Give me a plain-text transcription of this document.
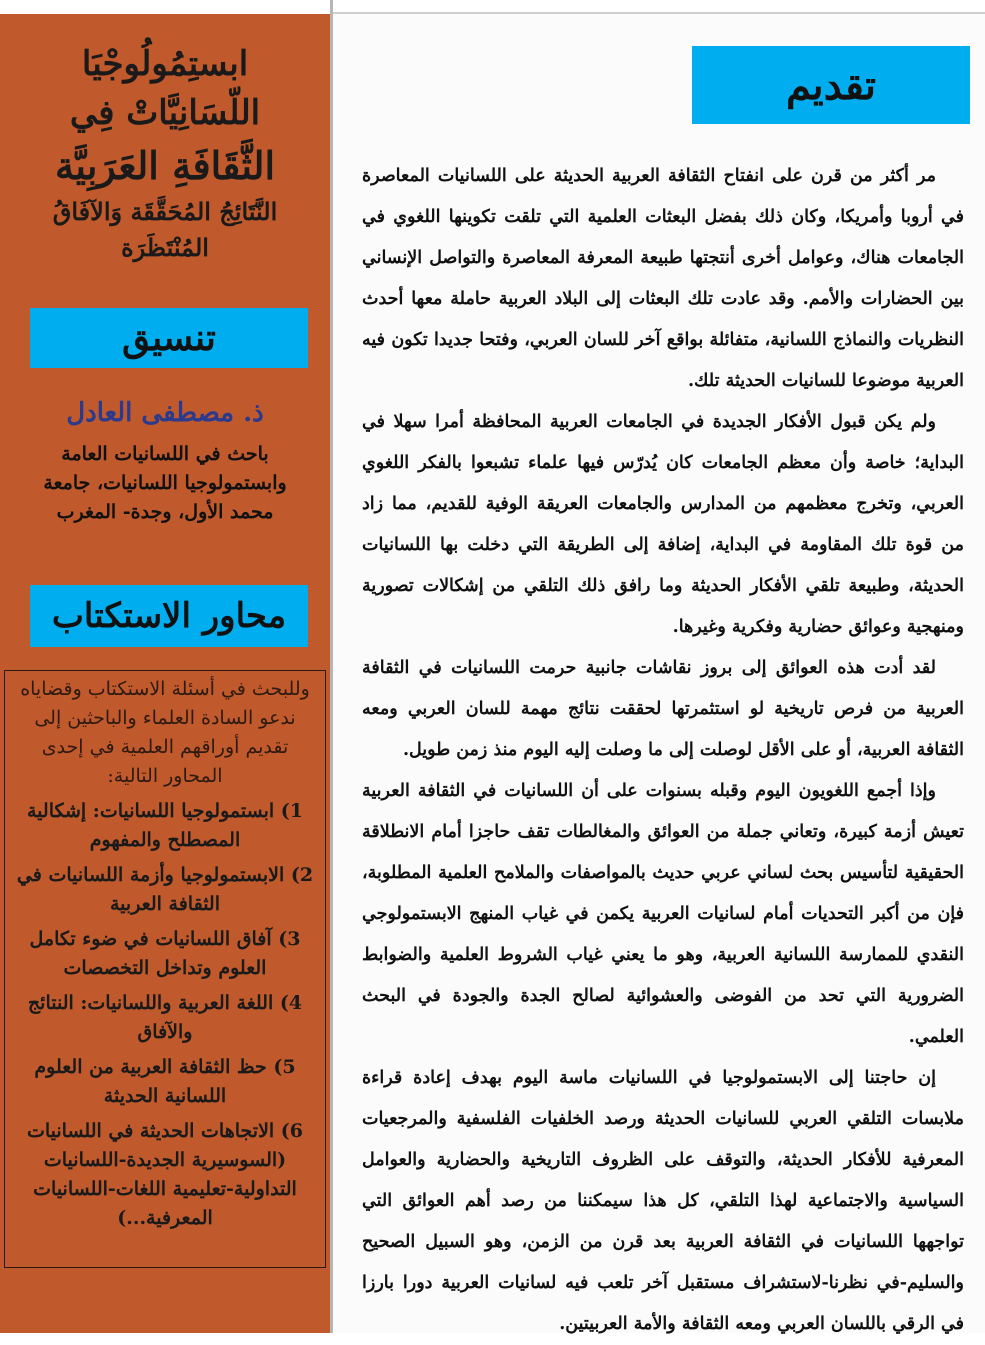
ابستِمُولُوجْيَا
اللّسَانِيَّاتْ فِي
الثَّقَافَةِ العَرَبِيَّة
النَّتَائِجُ المُحَقَّقَة وَالآفَاقُ المُنْتَظَرَة
تنسيق
ذ. مصطفى العادل
باحث في اللسانيات العامة وابستمولوجيا اللسانيات، جامعة محمد الأول، وجدة- المغرب
محاور الاستكتاب
وللبحث في أسئلة الاستكتاب وقضاياه ندعو السادة العلماء والباحثين إلى تقديم أوراقهم العلمية في إحدى المحاور التالية:
1) ابستمولوجيا اللسانيات: إشكالية المصطلح والمفهوم
2) الابستمولوجيا وأزمة اللسانيات في الثقافة العربية
3) آفاق اللسانيات في ضوء تكامل العلوم وتداخل التخصصات
4) اللغة العربية واللسانيات: النتائج والآفاق
5) حظ الثقافة العربية من العلوم اللسانية الحديثة
6) الاتجاهات الحديثة في اللسانيات (السوسيرية الجديدة-اللسانيات التداولية-تعليمية اللغات-اللسانيات المعرفية...)
تقديم

مر أكثر من قرن على انفتاح الثقافة العربية الحديثة على اللسانيات المعاصرة في أروبا وأمريكا، وكان ذلك بفضل البعثات العلمية التي تلقت تكوينها اللغوي في الجامعات هناك، وعوامل أخرى أنتجتها طبيعة المعرفة المعاصرة والتواصل الإنساني بين الحضارات والأمم. وقد عادت تلك البعثات إلى البلاد العربية حاملة معها أحدث النظريات والنماذج اللسانية، متفائلة بواقع آخر للسان العربي، وفتحا جديدا تكون فيه العربية موضوعا للسانيات الحديثة تلك.

ولم يكن قبول الأفكار الجديدة في الجامعات العربية المحافظة أمرا سهلا في البداية؛ خاصة وأن معظم الجامعات كان يُدرّس فيها علماء تشبعوا بالفكر اللغوي العربي، وتخرج معظمهم من المدارس والجامعات العريقة الوفية للقديم، مما زاد من قوة تلك المقاومة في البداية، إضافة إلى الطريقة التي دخلت بها اللسانيات الحديثة، وطبيعة تلقي الأفكار الحديثة وما رافق ذلك التلقي من إشكالات تصورية ومنهجية وعوائق حضارية وفكرية وغيرها.

لقد أدت هذه العوائق إلى بروز نقاشات جانبية حرمت اللسانيات في الثقافة العربية من فرص تاريخية لو استثمرتها لحققت نتائج مهمة للسان العربي ومعه الثقافة العربية، أو على الأقل لوصلت إلى ما وصلت إليه اليوم منذ زمن طويل.

وإذا أجمع اللغويون اليوم وقبله بسنوات على أن اللسانيات في الثقافة العربية تعيش أزمة كبيرة، وتعاني جملة من العوائق والمغالطات تقف حاجزا أمام الانطلاقة الحقيقية لتأسيس بحث لساني عربي حديث بالمواصفات والملامح العلمية المطلوبة، فإن من أكبر التحديات أمام لسانيات العربية يكمن في غياب المنهج الابستمولوجي النقدي للممارسة اللسانية العربية، وهو ما يعني غياب الشروط العلمية والضوابط الضرورية التي تحد من الفوضى والعشوائية لصالح الجدة والجودة في البحث العلمي.

إن حاجتنا إلى الابستمولوجيا في اللسانيات ماسة اليوم بهدف إعادة قراءة ملابسات التلقي العربي للسانيات الحديثة ورصد الخلفيات الفلسفية والمرجعيات المعرفية للأفكار الحديثة، والتوقف على الظروف التاريخية والحضارية والعوامل السياسية والاجتماعية لهذا التلقي، كل هذا سيمكننا من رصد أهم العوائق التي تواجهها اللسانيات في الثقافة العربية بعد قرن من الزمن، وهو السبيل الصحيح والسليم-في نظرنا-لاستشراف مستقبل آخر تلعب فيه لسانيات العربية دورا بارزا في الرقي باللسان العربي ومعه الثقافة والأمة العربيتين.
